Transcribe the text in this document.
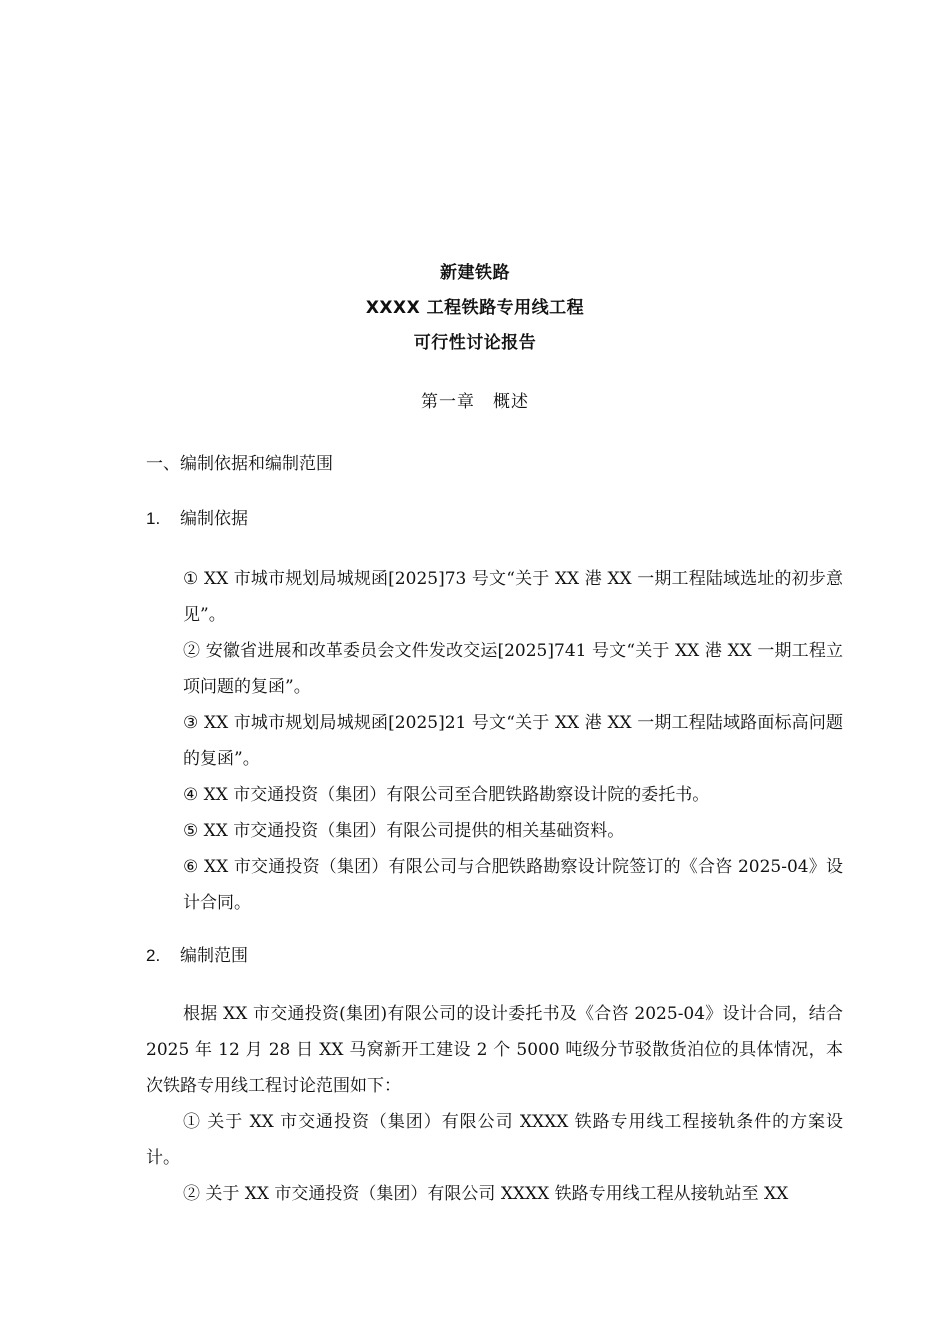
新建铁路
XXXX 工程铁路专用线工程
可行性讨论报告
第一章 概述
一、编制依据和编制范围
1. 编制依据

① XX 市城市规划局城规函[2025]73 号文“关于 XX 港 XX 一期工程陆域选址的初步意见”。

② 安徽省进展和改革委员会文件发改交运[2025]741 号文“关于 XX 港 XX 一期工程立项问题的复函”。

③ XX 市城市规划局城规函[2025]21 号文“关于 XX 港 XX 一期工程陆域路面标高问题的复函”。

④ XX 市交通投资（集团）有限公司至合肥铁路勘察设计院的委托书。

⑤ XX 市交通投资（集团）有限公司提供的相关基础资料。

⑥ XX 市交通投资（集团）有限公司与合肥铁路勘察设计院签订的《合咨 2025-04》设计合同。

2. 编制范围

根据 XX 市交通投资(集团)有限公司的设计委托书及《合咨 2025-04》设计合同，结合 2025 年 12 月 28 日 XX 马窝新开工建设 2 个 5000 吨级分节驳散货泊位的具体情况，本次铁路专用线工程讨论范围如下：

① 关于 XX 市交通投资（集团）有限公司 XXXX 铁路专用线工程接轨条件的方案设计。

② 关于 XX 市交通投资（集团）有限公司 XXXX 铁路专用线工程从接轨站至 XX
